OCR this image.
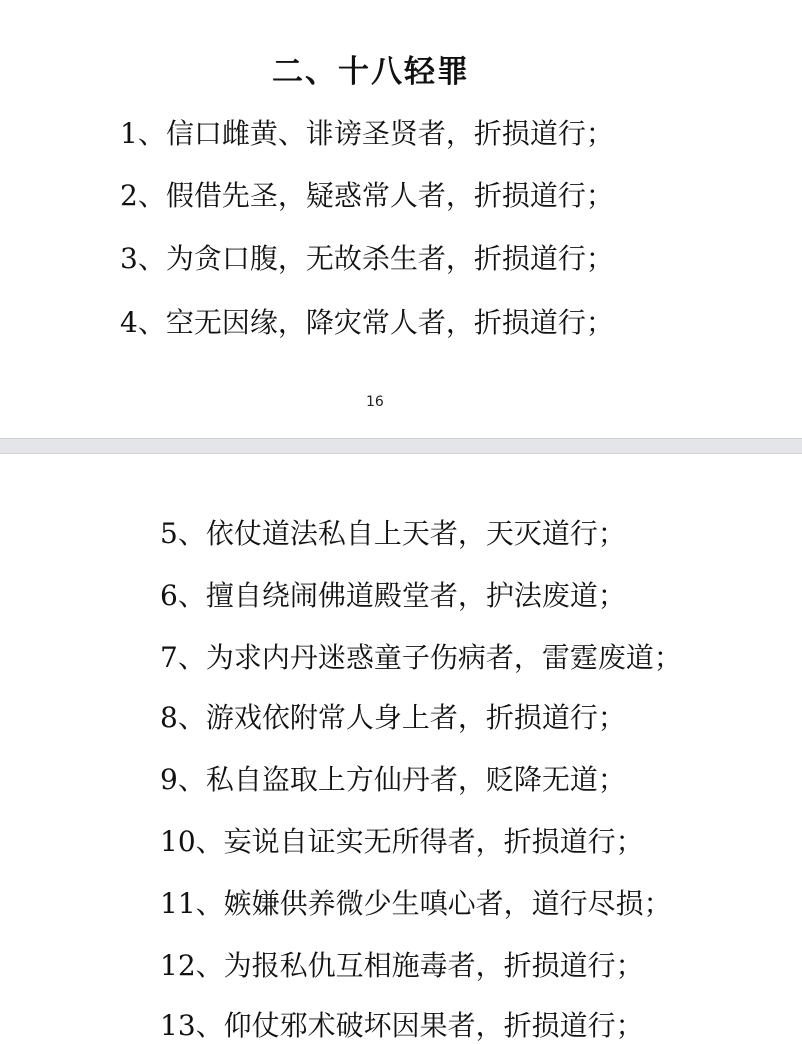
二、十八轻罪
1、信口雌黄、诽谤圣贤者，折损道行；
2、假借先圣，疑惑常人者，折损道行；
3、为贪口腹，无故杀生者，折损道行；
4、空无因缘，降灾常人者，折损道行；
16
5、依仗道法私自上天者，天灭道行；
6、擅自绕闹佛道殿堂者，护法废道；
7、为求内丹迷惑童子伤病者，雷霆废道；
8、游戏依附常人身上者，折损道行；
9、私自盗取上方仙丹者，贬降无道；
10、妄说自证实无所得者，折损道行；
11、嫉嫌供养微少生嗔心者，道行尽损；
12、为报私仇互相施毒者，折损道行；
13、仰仗邪术破坏因果者，折损道行；
